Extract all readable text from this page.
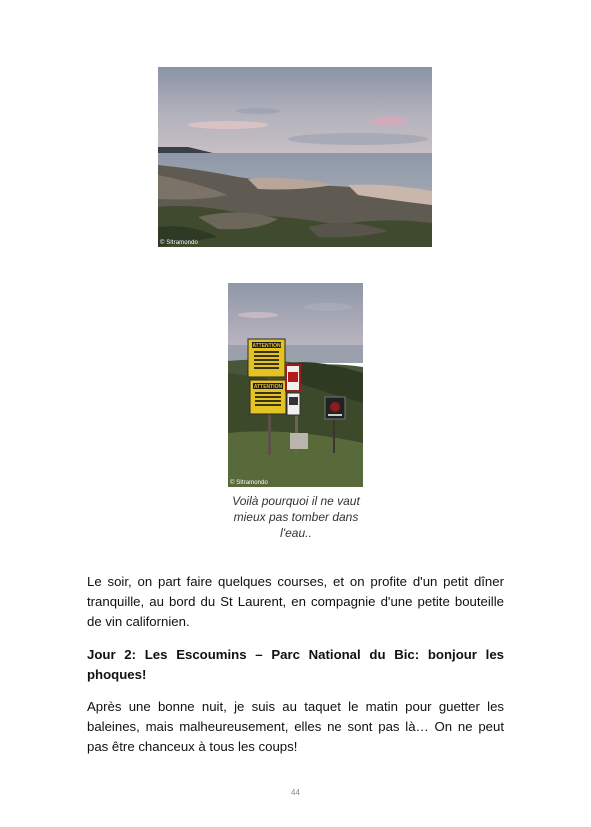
© Sltramondo
ATTENTION
ATTENTION
© Sltramondo
Voilà pourquoi il ne vaut mieux pas tomber dans l'eau..

Le soir, on part faire quelques courses, et on profite d'un petit dîner tranquille, au bord du St Laurent, en compagnie d'une petite bouteille de vin californien.

Jour 2: Les Escoumins – Parc National du Bic: bonjour les phoques!

Après une bonne nuit, je suis au taquet le matin pour guetter les baleines, mais malheureusement, elles ne sont pas là… On ne peut pas être chanceux à tous les coups!

44
